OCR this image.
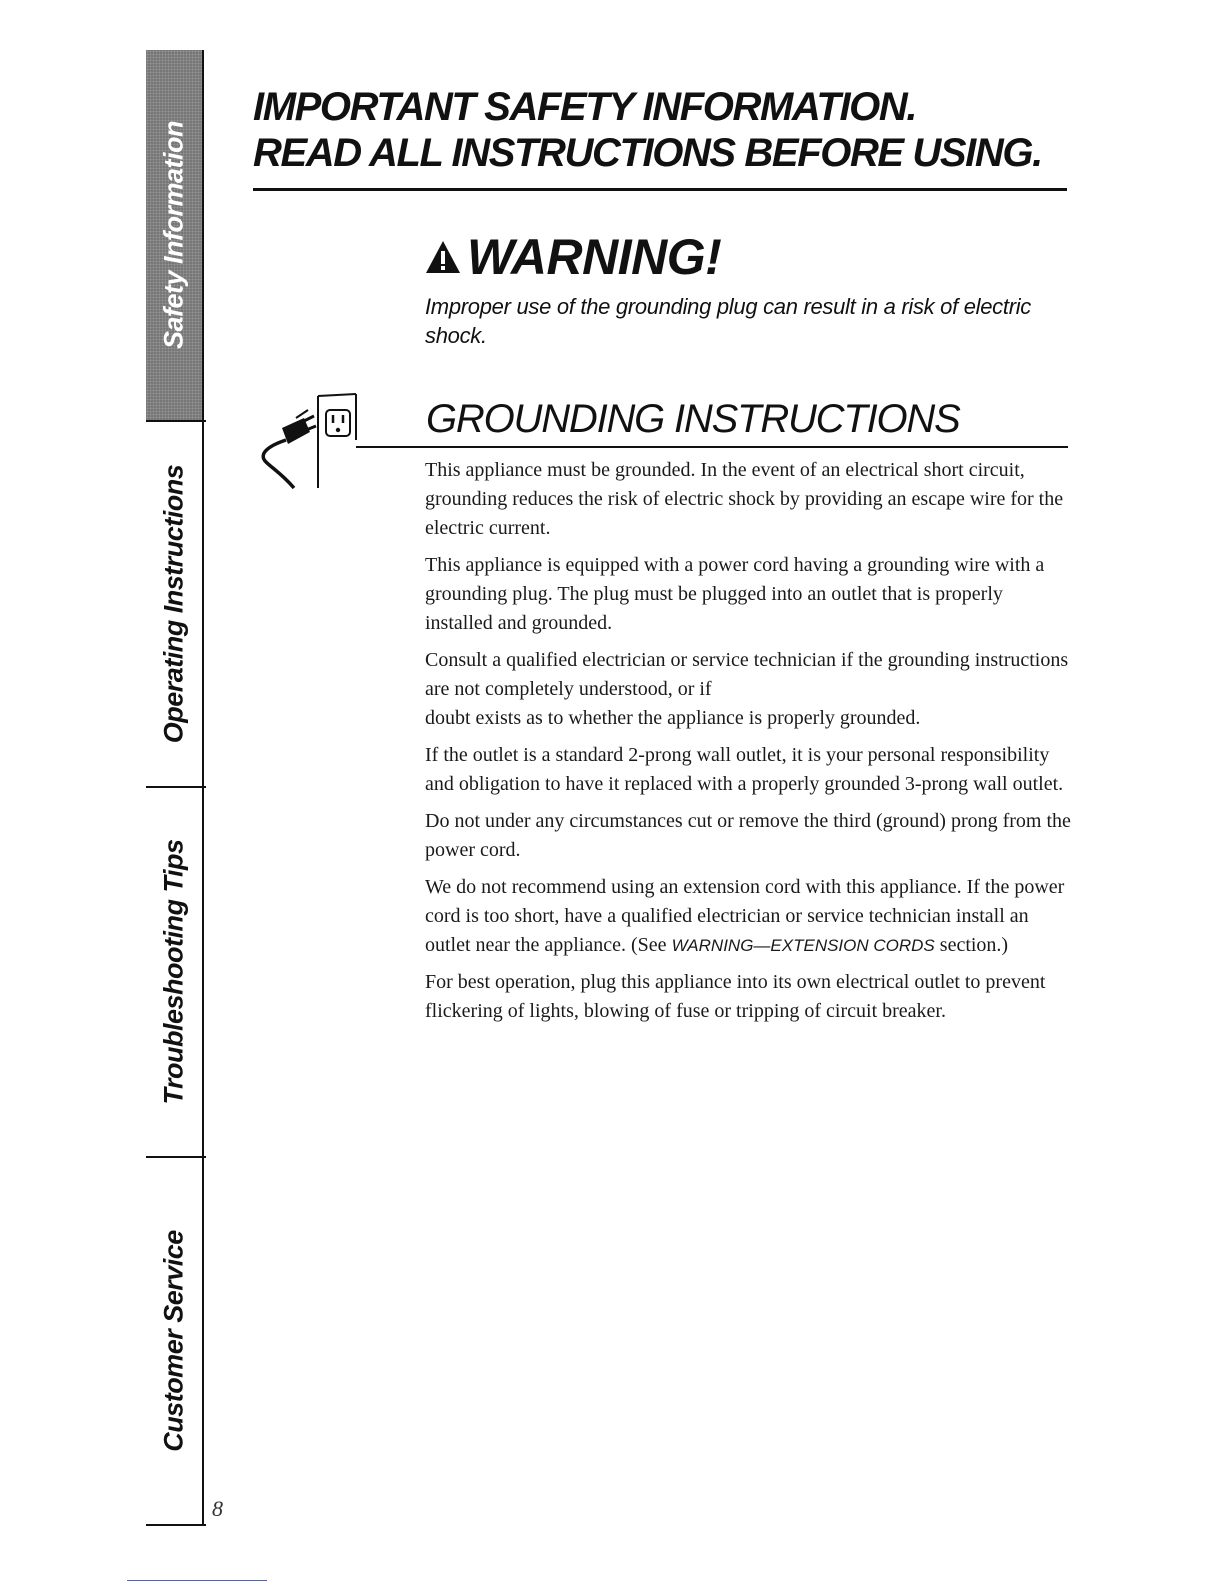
Safety Information
Operating Instructions
Troubleshooting Tips
Customer Service
8
IMPORTANT SAFETY INFORMATION.
READ ALL INSTRUCTIONS BEFORE USING.
WARNING!
Improper use of the grounding plug can result in a risk of electric shock.
GROUNDING INSTRUCTIONS

This appliance must be grounded. In the event of an electrical short circuit, grounding reduces the risk of electric shock by providing an escape wire for the electric current.

This appliance is equipped with a power cord having a grounding wire with a grounding plug. The plug must be plugged into an outlet that is properly installed and grounded.

Consult a qualified electrician or service technician if the grounding instructions are not completely understood, or if

doubt exists as to whether the appliance is properly grounded.

If the outlet is a standard 2-prong wall outlet, it is your personal responsibility and obligation to have it replaced with a properly grounded 3-prong wall outlet.

Do not under any circumstances cut or remove the third (ground) prong from the power cord.

We do not recommend using an extension cord with this appliance. If the power cord is too short, have a qualified electrician or service technician install an outlet near the appliance. (See WARNING—EXTENSION CORDS section.)

For best operation, plug this appliance into its own electrical outlet to prevent flickering of lights, blowing of fuse or tripping of circuit breaker.
